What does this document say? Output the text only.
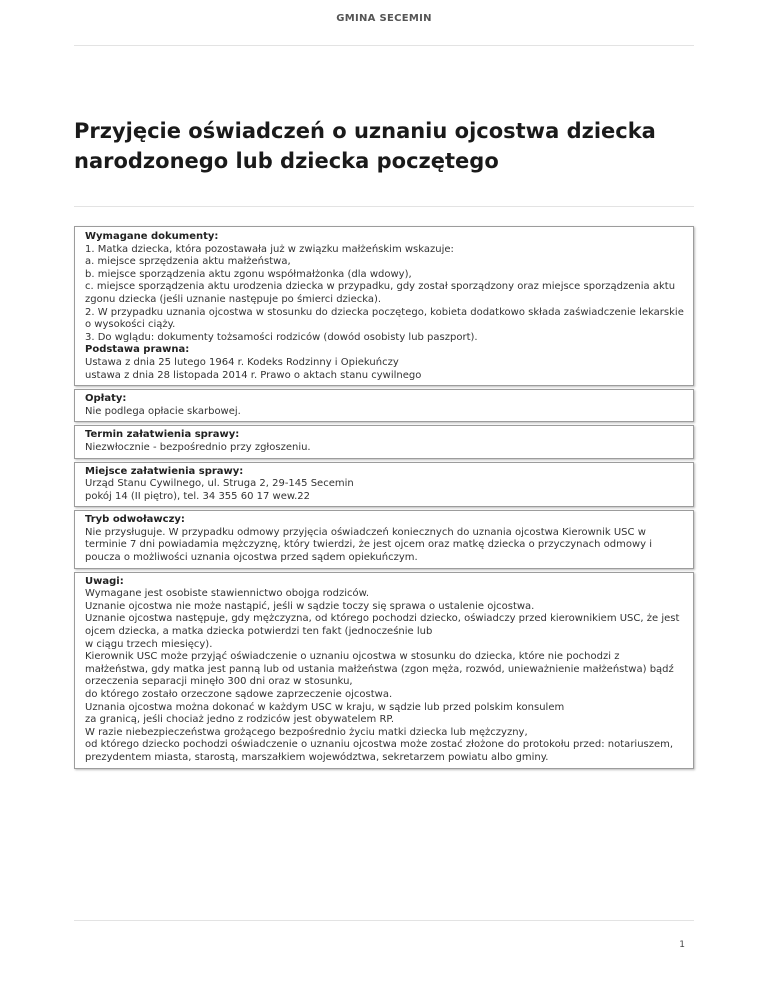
GMINA SECEMIN
Przyjęcie oświadczeń o uznaniu ojcostwa dziecka
narodzonego lub dziecka poczętego
Wymagane dokumenty:
1. Matka dziecka, która pozostawała już w związku małżeńskim wskazuje:
a. miejsce sprzędzenia aktu małżeństwa,
b. miejsce sporządzenia aktu zgonu współmałżonka (dla wdowy),
c. miejsce sporządzenia aktu urodzenia dziecka w przypadku, gdy został sporządzony oraz miejsce sporządzenia aktu zgonu dziecka (jeśli uznanie następuje po śmierci dziecka).
2. W przypadku uznania ojcostwa w stosunku do dziecka poczętego, kobieta dodatkowo składa zaświadczenie lekarskie o wysokości ciąży.
3. Do wglądu: dokumenty tożsamości rodziców (dowód osobisty lub paszport).
Podstawa prawna:
Ustawa z dnia 25 lutego 1964 r. Kodeks Rodzinny i Opiekuńczy
ustawa z dnia 28 listopada 2014 r. Prawo o aktach stanu cywilnego
Opłaty:
Nie podlega opłacie skarbowej.
Termin załatwienia sprawy:
Niezwłocznie - bezpośrednio przy zgłoszeniu.
Miejsce załatwienia sprawy:
Urząd Stanu Cywilnego, ul. Struga 2, 29-145 Secemin
pokój 14 (II piętro), tel. 34 355 60 17 wew.22
Tryb odwoławczy:
Nie przysługuje. W przypadku odmowy przyjęcia oświadczeń koniecznych do uznania ojcostwa Kierownik USC w terminie 7 dni powiadamia mężczyznę, który twierdzi, że jest ojcem oraz matkę dziecka o przyczynach odmowy i poucza o możliwości uznania ojcostwa przed sądem opiekuńczym.
Uwagi:
Wymagane jest osobiste stawiennictwo obojga rodziców.
Uznanie ojcostwa nie może nastąpić, jeśli w sądzie toczy się sprawa o ustalenie ojcostwa.
Uznanie ojcostwa następuje, gdy mężczyzna, od którego pochodzi dziecko, oświadczy przed kierownikiem USC, że jest ojcem dziecka, a matka dziecka potwierdzi ten fakt (jednocześnie lub
w ciągu trzech miesięcy).
Kierownik USC może przyjąć oświadczenie o uznaniu ojcostwa w stosunku do dziecka, które nie pochodzi z małżeństwa, gdy matka jest panną lub od ustania małżeństwa (zgon męża, rozwód, unieważnienie małżeństwa) bądź orzeczenia separacji minęło 300 dni oraz w stosunku,
do którego zostało orzeczone sądowe zaprzeczenie ojcostwa.
Uznania ojcostwa można dokonać w każdym USC w kraju, w sądzie lub przed polskim konsulem
za granicą, jeśli chociaż jedno z rodziców jest obywatelem RP.
W razie niebezpieczeństwa grożącego bezpośrednio życiu matki dziecka lub mężczyzny,
od którego dziecko pochodzi oświadczenie o uznaniu ojcostwa może zostać złożone do protokołu przed: notariuszem, prezydentem miasta, starostą, marszałkiem województwa, sekretarzem powiatu albo gminy.
1
